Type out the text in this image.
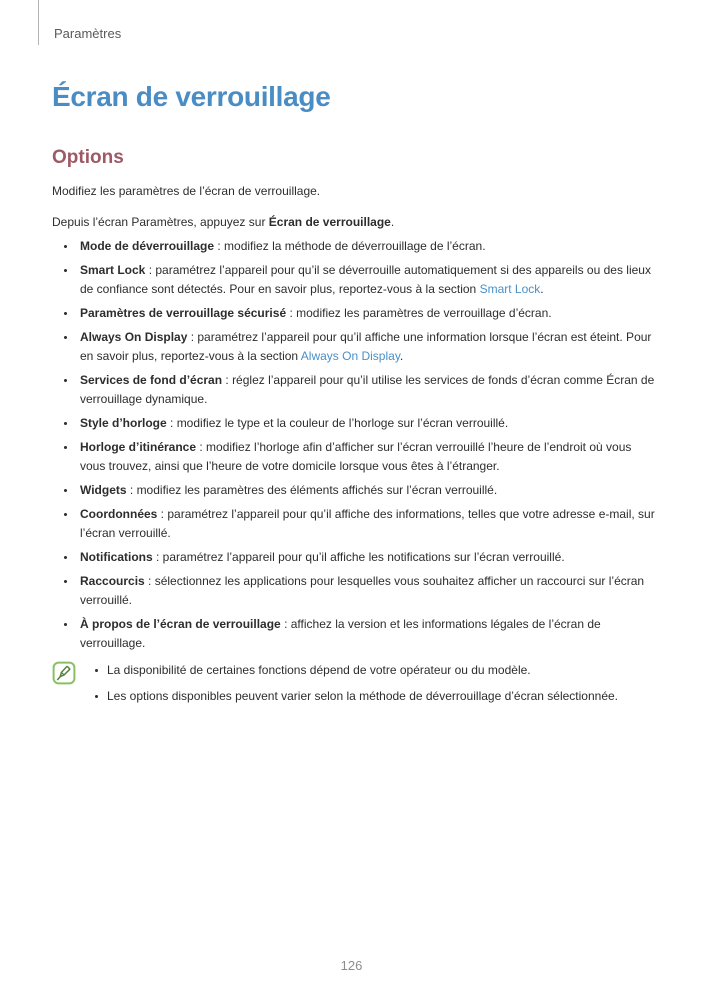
Paramètres
Écran de verrouillage
Options

Modifiez les paramètres de l’écran de verrouillage.

Depuis l’écran Paramètres, appuyez sur Écran de verrouillage.

Mode de déverrouillage : modifiez la méthode de déverrouillage de l’écran.
Smart Lock : paramétrez l’appareil pour qu’il se déverrouille automatiquement si des appareils ou des lieux de confiance sont détectés. Pour en savoir plus, reportez-vous à la section Smart Lock.
Paramètres de verrouillage sécurisé : modifiez les paramètres de verrouillage d’écran.
Always On Display : paramétrez l’appareil pour qu’il affiche une information lorsque l’écran est éteint. Pour en savoir plus, reportez-vous à la section Always On Display.
Services de fond d’écran : réglez l’appareil pour qu’il utilise les services de fonds d’écran comme Écran de verrouillage dynamique.
Style d’horloge : modifiez le type et la couleur de l’horloge sur l’écran verrouillé.
Horloge d’itinérance : modifiez l’horloge afin d’afficher sur l’écran verrouillé l’heure de l’endroit où vous vous trouvez, ainsi que l’heure de votre domicile lorsque vous êtes à l’étranger.
Widgets : modifiez les paramètres des éléments affichés sur l’écran verrouillé.
Coordonnées : paramétrez l’appareil pour qu’il affiche des informations, telles que votre adresse e-mail, sur l’écran verrouillé.
Notifications : paramétrez l’appareil pour qu’il affiche les notifications sur l’écran verrouillé.
Raccourcis : sélectionnez les applications pour lesquelles vous souhaitez afficher un raccourci sur l’écran verrouillé.
À propos de l’écran de verrouillage : affichez la version et les informations légales de l’écran de verrouillage.
La disponibilité de certaines fonctions dépend de votre opérateur ou du modèle.
Les options disponibles peuvent varier selon la méthode de déverrouillage d’écran sélectionnée.
126
